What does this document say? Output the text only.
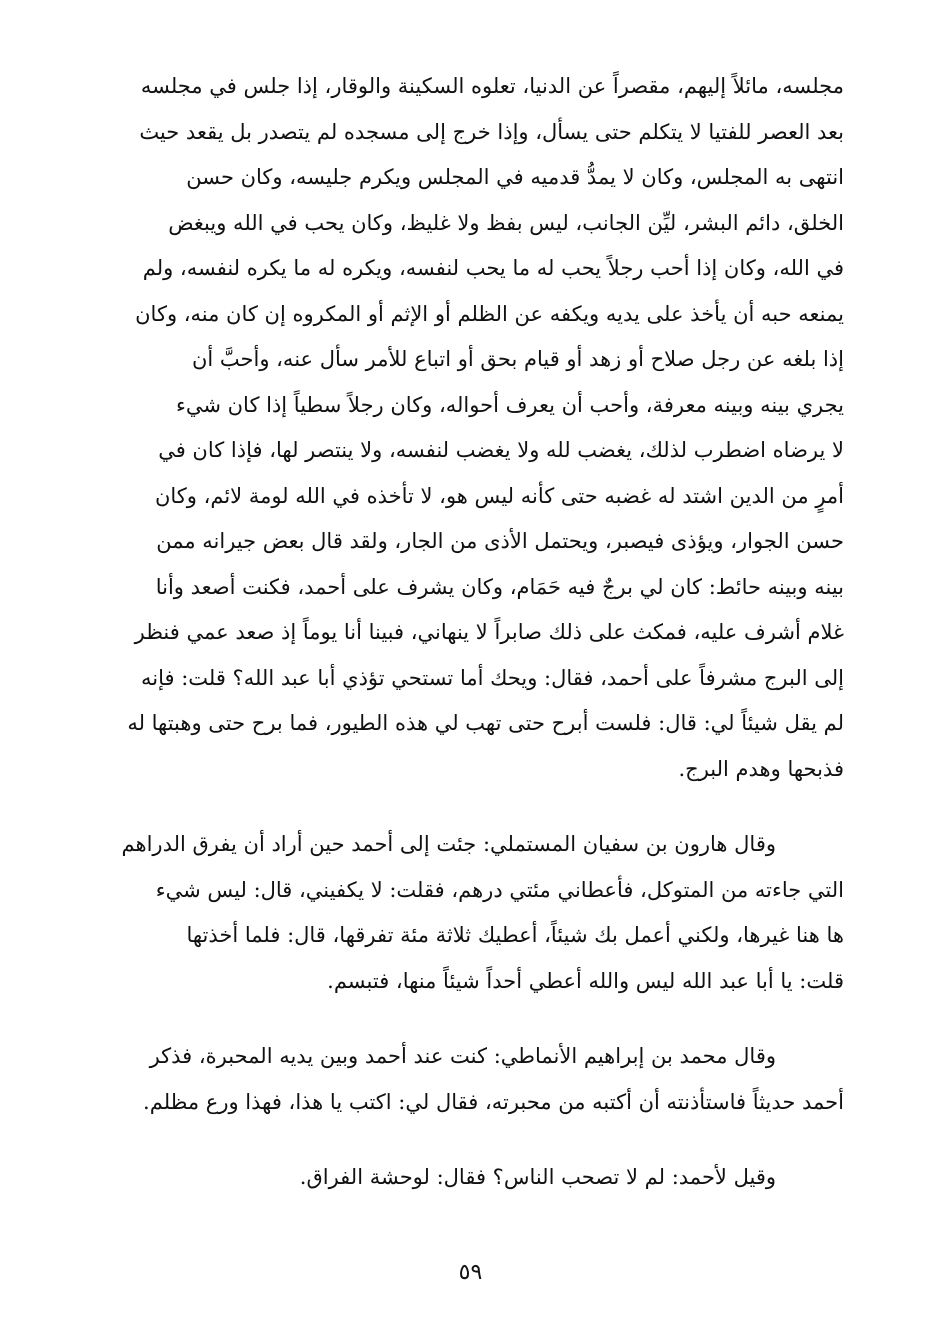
مجلسه، مائلاً إليهم، مقصراً عن الدنيا، تعلوه السكينة والوقار، إذا جلس في مجلسه
بعد العصر للفتيا لا يتكلم حتى يسأل، وإذا خرج إلى مسجده لم يتصدر بل يقعد حيث
انتهى به المجلس، وكان لا يمدُّ قدميه في المجلس ويكرم جليسه، وكان حسن
الخلق، دائم البشر، ليِّن الجانب، ليس بفظ ولا غليظ، وكان يحب في الله ويبغض
في الله، وكان إذا أحب رجلاً يحب له ما يحب لنفسه، ويكره له ما يكره لنفسه، ولم
يمنعه حبه أن يأخذ على يديه ويكفه عن الظلم أو الإثم أو المكروه إن كان منه، وكان
إذا بلغه عن رجل صلاح أو زهد أو قيام بحق أو اتباع للأمر سأل عنه، وأحبَّ أن
يجري بينه وبينه معرفة، وأحب أن يعرف أحواله، وكان رجلاً سطياً إذا كان شيء
لا يرضاه اضطرب لذلك، يغضب لله ولا يغضب لنفسه، ولا ينتصر لها، فإذا كان في
أمرٍ من الدين اشتد له غضبه حتى كأنه ليس هو، لا تأخذه في الله لومة لائم، وكان
حسن الجوار، ويؤذى فيصبر، ويحتمل الأذى من الجار، ولقد قال بعض جيرانه ممن
بينه وبينه حائط: كان لي برجٌ فيه حَمَام، وكان يشرف على أحمد، فكنت أصعد وأنا
غلام أشرف عليه، فمكث على ذلك صابراً لا ينهاني، فبينا أنا يوماً إذ صعد عمي فنظر
إلى البرج مشرفاً على أحمد، فقال: ويحك أما تستحي تؤذي أبا عبد الله؟ قلت: فإنه
لم يقل شيئاً لي: قال: فلست أبرح حتى تهب لي هذه الطيور، فما برح حتى وهبتها له
فذبحها وهدم البرج.
وقال هارون بن سفيان المستملي: جئت إلى أحمد حين أراد أن يفرق الدراهم
التي جاءته من المتوكل، فأعطاني مئتي درهم، فقلت: لا يكفيني، قال: ليس شيء
ها هنا غيرها، ولكني أعمل بك شيئاً، أعطيك ثلاثة مئة تفرقها، قال: فلما أخذتها
قلت: يا أبا عبد الله ليس والله أعطي أحداً شيئاً منها، فتبسم.
وقال محمد بن إبراهيم الأنماطي: كنت عند أحمد وبين يديه المحبرة، فذكر
أحمد حديثاً فاستأذنته أن أكتبه من محبرته، فقال لي: اكتب يا هذا، فهذا ورع مظلم.
وقيل لأحمد: لم لا تصحب الناس؟ فقال: لوحشة الفراق.
٥٩
